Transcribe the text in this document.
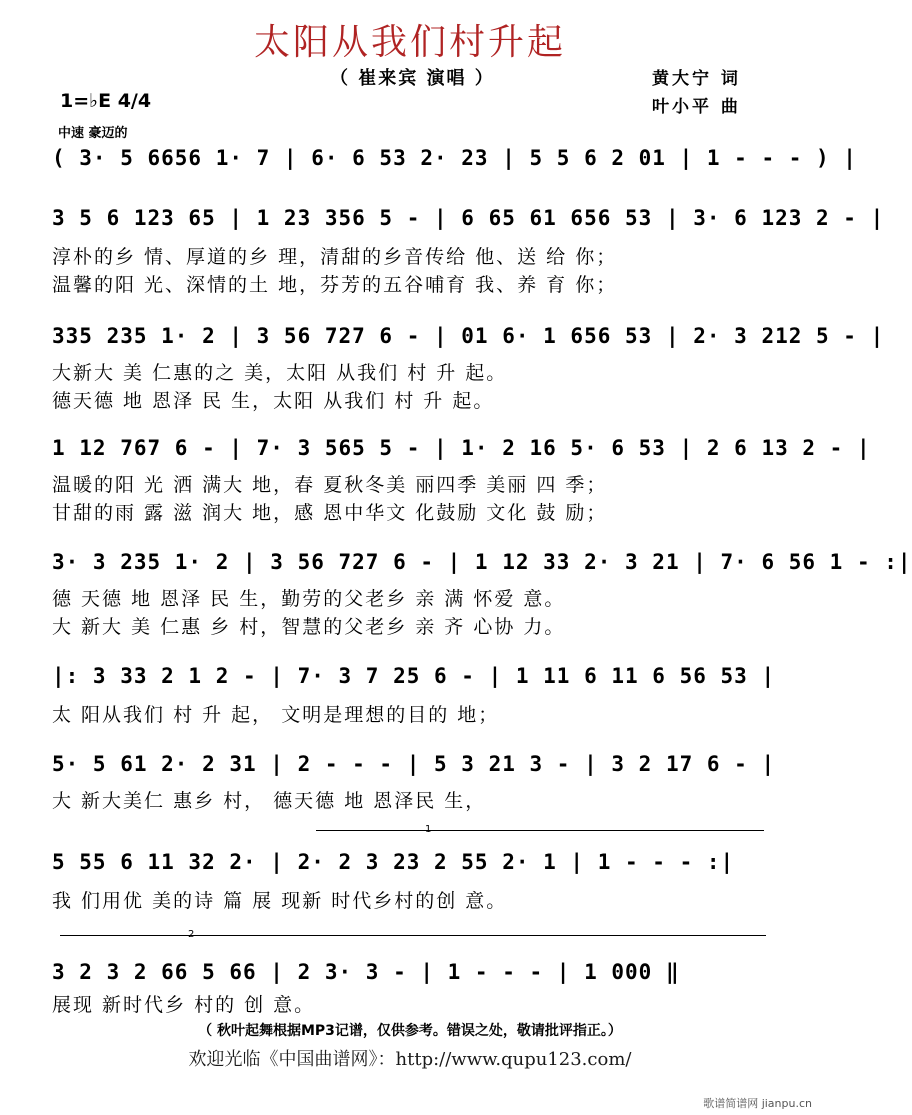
太阳从我们村升起
（ 崔来宾 演唱 ）	黄大宁 词
叶小平 曲
1=♭E 4/4
中速 豪迈的
( 3· 5 6656 1· 7 | 6· 6 53 2· 23 | 5 5 6 2 01 | 1 - - - ) |
3 5 6 123 65 | 1 23 356 5 - | 6 65 61 656 53 | 3· 6 123 2 - |
淳朴的乡 情、厚道的乡 理，清甜的乡音传给 他、送 给 你；
温馨的阳 光、深情的土 地，芬芳的五谷哺育 我、养 育 你；
335 235 1· 2 | 3 56 727 6 - | 01 6· 1 656 53 | 2· 3 212 5 - |
大新大 美 仁惠的之 美，太阳 从我们 村 升 起。
德天德 地 恩泽 民 生，太阳 从我们 村 升 起。
1 12 767 6 - | 7· 3 565 5 - | 1· 2 16 5· 6 53 | 2 6 13 2 - |
温暖的阳 光 洒 满大 地，春 夏秋冬美 丽四季 美丽 四 季；
甘甜的雨 露 滋 润大 地，感 恩中华文 化鼓励 文化 鼓 励；
3· 3 235 1· 2 | 3 56 727 6 - | 1 12 33 2· 3 21 | 7· 6 56 1 - :|
德 天德 地 恩泽 民 生，勤劳的父老乡 亲 满 怀爱 意。
大 新大 美 仁惠 乡 村，智慧的父老乡 亲 齐 心协 力。
|: 3 33 2 1 2 - | 7· 3 7 25 6 - | 1 11 6 11 6 56 53 |
太 阳从我们 村 升 起， 文明是理想的目的 地；
5· 5 61 2· 2 31 | 2 - - - | 5 3 21 3 - | 3 2 17 6 - |
大 新大美仁 惠乡 村， 德天德 地 恩泽民 生，
1
5 55 6 11 32 2· | 2· 2 3 23 2 55 2· 1 | 1 - - - :|
我 们用优 美的诗 篇 展 现新 时代乡村的创 意。
2
3 2 3 2 66 5 66 | 2 3· 3 - | 1 - - - | 1 000 ‖
展现 新时代乡 村的 创 意。
（ 秋叶起舞根据MP3记谱，仅供参考。错误之处，敬请批评指正。）
欢迎光临《中国曲谱网》：http://www.qupu123.com/
歌谱简谱网 jianpu.cn
